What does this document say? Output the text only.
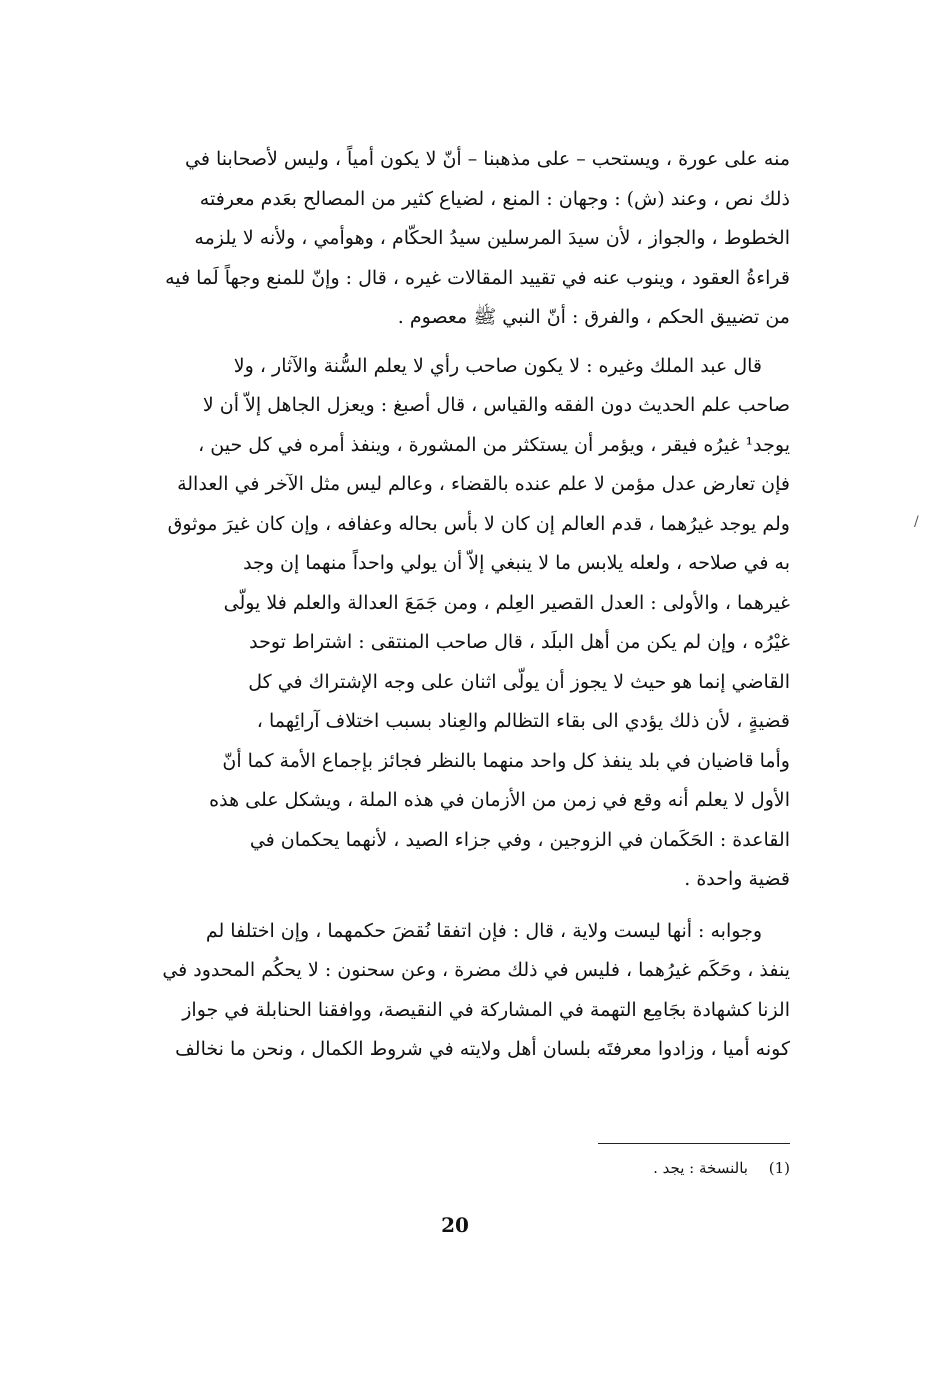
منه على عورة ، ويستحب – على مذهبنا – أنّ لا يكون أمياً ، وليس لأصحابنا في
ذلك نص ، وعند (ش) : وجهان : المنع ، لضياع كثير من المصالح بعَدم معرفته
الخطوط ، والجواز ، لأن سيدَ المرسلين سيدُ الحكّام ، وهوأمي ، ولأنه لا يلزمه
قراءةُ العقود ، وينوب عنه في تقييد المقالات غيره ، قال : وإنّ للمنع وجهاً لَما فيه
من تضييق الحكم ، والفرق : أنّ النبي ﷺ معصوم .
قال عبد الملك وغيره : لا يكون صاحب رأي لا يعلم السُّنة والآثار ، ولا
صاحب علم الحديث دون الفقه والقياس ، قال أصبغ : ويعزل الجاهل إلاّ أن لا
يوجد¹ غيرُه فيقر ، ويؤمر أن يستكثر من المشورة ، وينفذ أمره في كل حين ،
فإن تعارض عدل مؤمن لا علم عنده بالقضاء ، وعالم ليس مثل الآخر في العدالة
ولم يوجد غيرُهما ، قدم العالم إن كان لا بأس بحاله وعفافه ، وإن كان غيرَ موثوق
به في صلاحه ، ولعله يلابس ما لا ينبغي إلاّ أن يولي واحداً منهما إن وجد
غيرهما ، والأولى : العدل القصير العِلم ، ومن جَمَعَ العدالة والعلم فلا يولّى
غيْرُه ، وإن لم يكن من أهل البلَد ، قال صاحب المنتقى : اشتراط توحد
القاضي إنما هو حيث لا يجوز أن يولّى اثنان على وجه الإشتراك في كل
قضيةٍ ، لأن ذلك يؤدي الى بقاء التظالم والعِناد بسبب اختلاف آرائِهما ،
وأما قاضيان في بلد ينفذ كل واحد منهما بالنظر فجائز بإجماع الأمة كما أنّ
الأول لا يعلم أنه وقع في زمن من الأزمان في هذه الملة ، ويشكل على هذه
القاعدة : الحَكَمان في الزوجين ، وفي جزاء الصيد ، لأنهما يحكمان في
قضية واحدة .
وجوابه : أنها ليست ولاية ، قال : فإن اتفقا نُقضَ حكمهما ، وإن اختلفا لم
ينفذ ، وحَكَم غيرُهما ، فليس في ذلك مضرة ، وعن سحنون : لا يحكُم المحدود في
الزنا كشهادة بجَامِع التهمة في المشاركة في النقيصة، ووافقنا الحنابلة في جواز
كونه أميا ، وزادوا معرفتَه بلسان أهل ولايته في شروط الكمال ، ونحن ما نخالف
(1) بالنسخة : يجد .
20
/
